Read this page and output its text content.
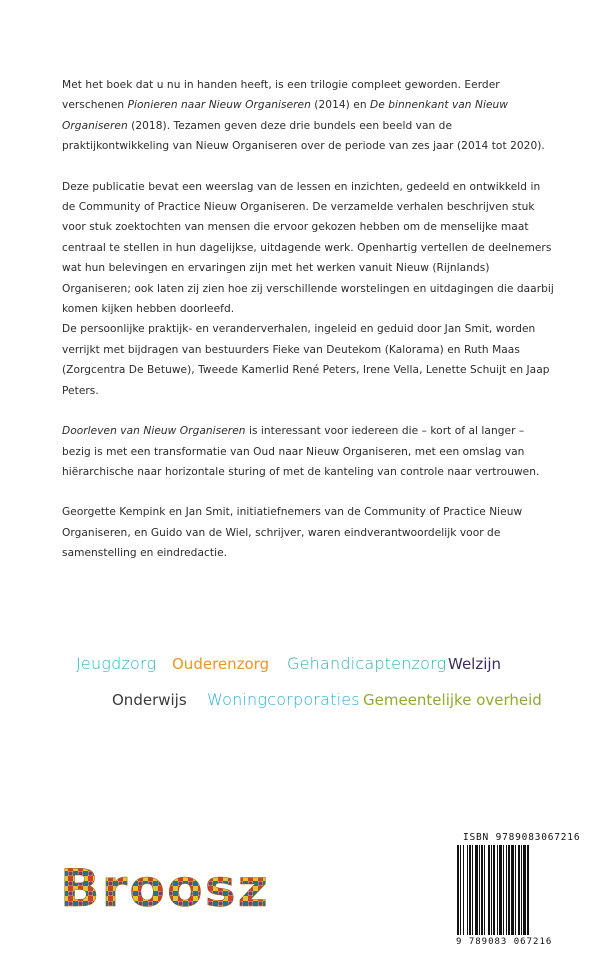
Met het boek dat u nu in handen heeft, is een trilogie compleet geworden. Eerder verschenen Pionieren naar Nieuw Organiseren (2014) en De binnenkant van Nieuw Organiseren (2018). Tezamen geven deze drie bundels een beeld van de praktijkontwikkeling van Nieuw Organiseren over de periode van zes jaar (2014 tot 2020).

Deze publicatie bevat een weerslag van de lessen en inzichten, gedeeld en ontwikkeld in de Community of Practice Nieuw Organiseren. De verzamelde verhalen beschrijven stuk voor stuk zoektochten van mensen die ervoor gekozen hebben om de menselijke maat centraal te stellen in hun dagelijkse, uitdagende werk. Openhartig vertellen de deelnemers wat hun belevingen en ervaringen zijn met het werken vanuit Nieuw (Rijnlands) Organiseren; ook laten zij zien hoe zij verschillende worstelingen en uitdagingen die daarbij komen kijken hebben doorleefd.

De persoonlijke praktijk- en veranderverhalen, ingeleid en geduid door Jan Smit, worden verrijkt met bijdragen van bestuurders Fieke van Deutekom (Kalorama) en Ruth Maas (Zorgcentra De Betuwe), Tweede Kamerlid René Peters, Irene Vella, Lenette Schuijt en Jaap Peters.

Doorleven van Nieuw Organiseren is interessant voor iedereen die – kort of al langer – bezig is met een transformatie van Oud naar Nieuw Organiseren, met een omslag van hiërarchische naar horizontale sturing of met de kanteling van controle naar vertrouwen.

Georgette Kempink en Jan Smit, initiatiefnemers van de Community of Practice Nieuw Organiseren, en Guido van de Wiel, schrijver, waren eindverantwoordelijk voor de samenstelling en eindredactie.

Jeugdzorg Ouderenzorg Gehandicaptenzorg Welzijn
Onderwijs Woningcorporaties Gemeentelijke overheid
Broosz
ISBN 9789083067216
9 789083 067216
